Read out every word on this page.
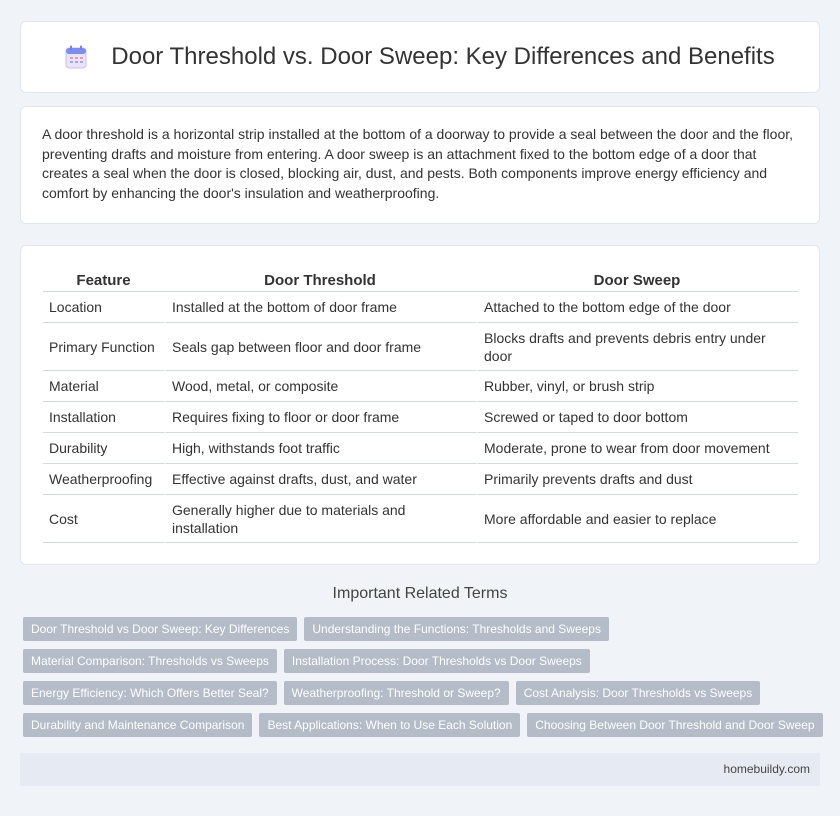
Door Threshold vs. Door Sweep: Key Differences and Benefits

A door threshold is a horizontal strip installed at the bottom of a doorway to provide a seal between the door and the floor, preventing drafts and moisture from entering. A door sweep is an attachment fixed to the bottom edge of a door that creates a seal when the door is closed, blocking air, dust, and pests. Both components improve energy efficiency and comfort by enhancing the door's insulation and weatherproofing.

Feature	Door Threshold	Door Sweep
Location	Installed at the bottom of door frame	Attached to the bottom edge of the door
Primary Function	Seals gap between floor and door frame	Blocks drafts and prevents debris entry under door
Material	Wood, metal, or composite	Rubber, vinyl, or brush strip
Installation	Requires fixing to floor or door frame	Screwed or taped to door bottom
Durability	High, withstands foot traffic	Moderate, prone to wear from door movement
Weatherproofing	Effective against drafts, dust, and water	Primarily prevents drafts and dust
Cost	Generally higher due to materials and installation	More affordable and easier to replace
Important Related Terms
Door Threshold vs Door Sweep: Key Differences	Understanding the Functions: Thresholds and Sweeps
Material Comparison: Thresholds vs Sweeps	Installation Process: Door Thresholds vs Door Sweeps
Energy Efficiency: Which Offers Better Seal?	Weatherproofing: Threshold or Sweep?	Cost Analysis: Door Thresholds vs Sweeps
Durability and Maintenance Comparison	Best Applications: When to Use Each Solution	Choosing Between Door Threshold and Door Sweep
homebuildy.com
